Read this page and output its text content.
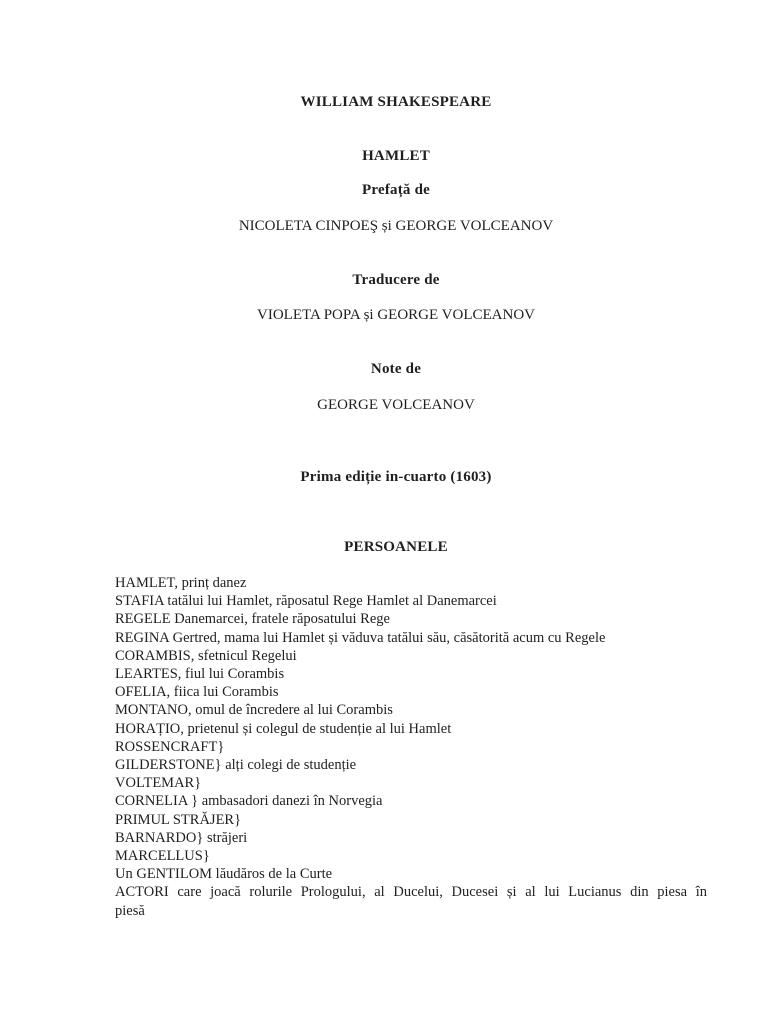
WILLIAM SHAKESPEARE
HAMLET
Prefață de
NICOLETA CINPOEŞ și GEORGE VOLCEANOV
Traducere de
VIOLETA POPA și GEORGE VOLCEANOV
Note de
GEORGE VOLCEANOV
Prima ediție in-cuarto (1603)
PERSOANELE
HAMLET, prinț danez
STAFIA tatălui lui Hamlet, răposatul Rege Hamlet al Danemarcei
REGELE Danemarcei, fratele răposatului Rege
REGINA Gertred, mama lui Hamlet și văduva tatălui său, căsătorită acum cu Regele
CORAMBIS, sfetnicul Regelui
LEARTES, fiul lui Corambis
OFELIA, fiica lui Corambis
MONTANO, omul de încredere al lui Corambis
HORAȚIO, prietenul și colegul de studenție al lui Hamlet
ROSSENCRAFT}
GILDERSTONE} alți colegi de studenție
VOLTEMAR}
CORNELIA } ambasadori danezi în Norvegia
PRIMUL STRĂJER}
BARNARDO} străjeri
MARCELLUS}
Un GENTILOM lăudăros de la Curte
ACTORI care joacă rolurile Prologului, al Ducelui, Ducesei și al lui Lucianus din piesa în
piesă
